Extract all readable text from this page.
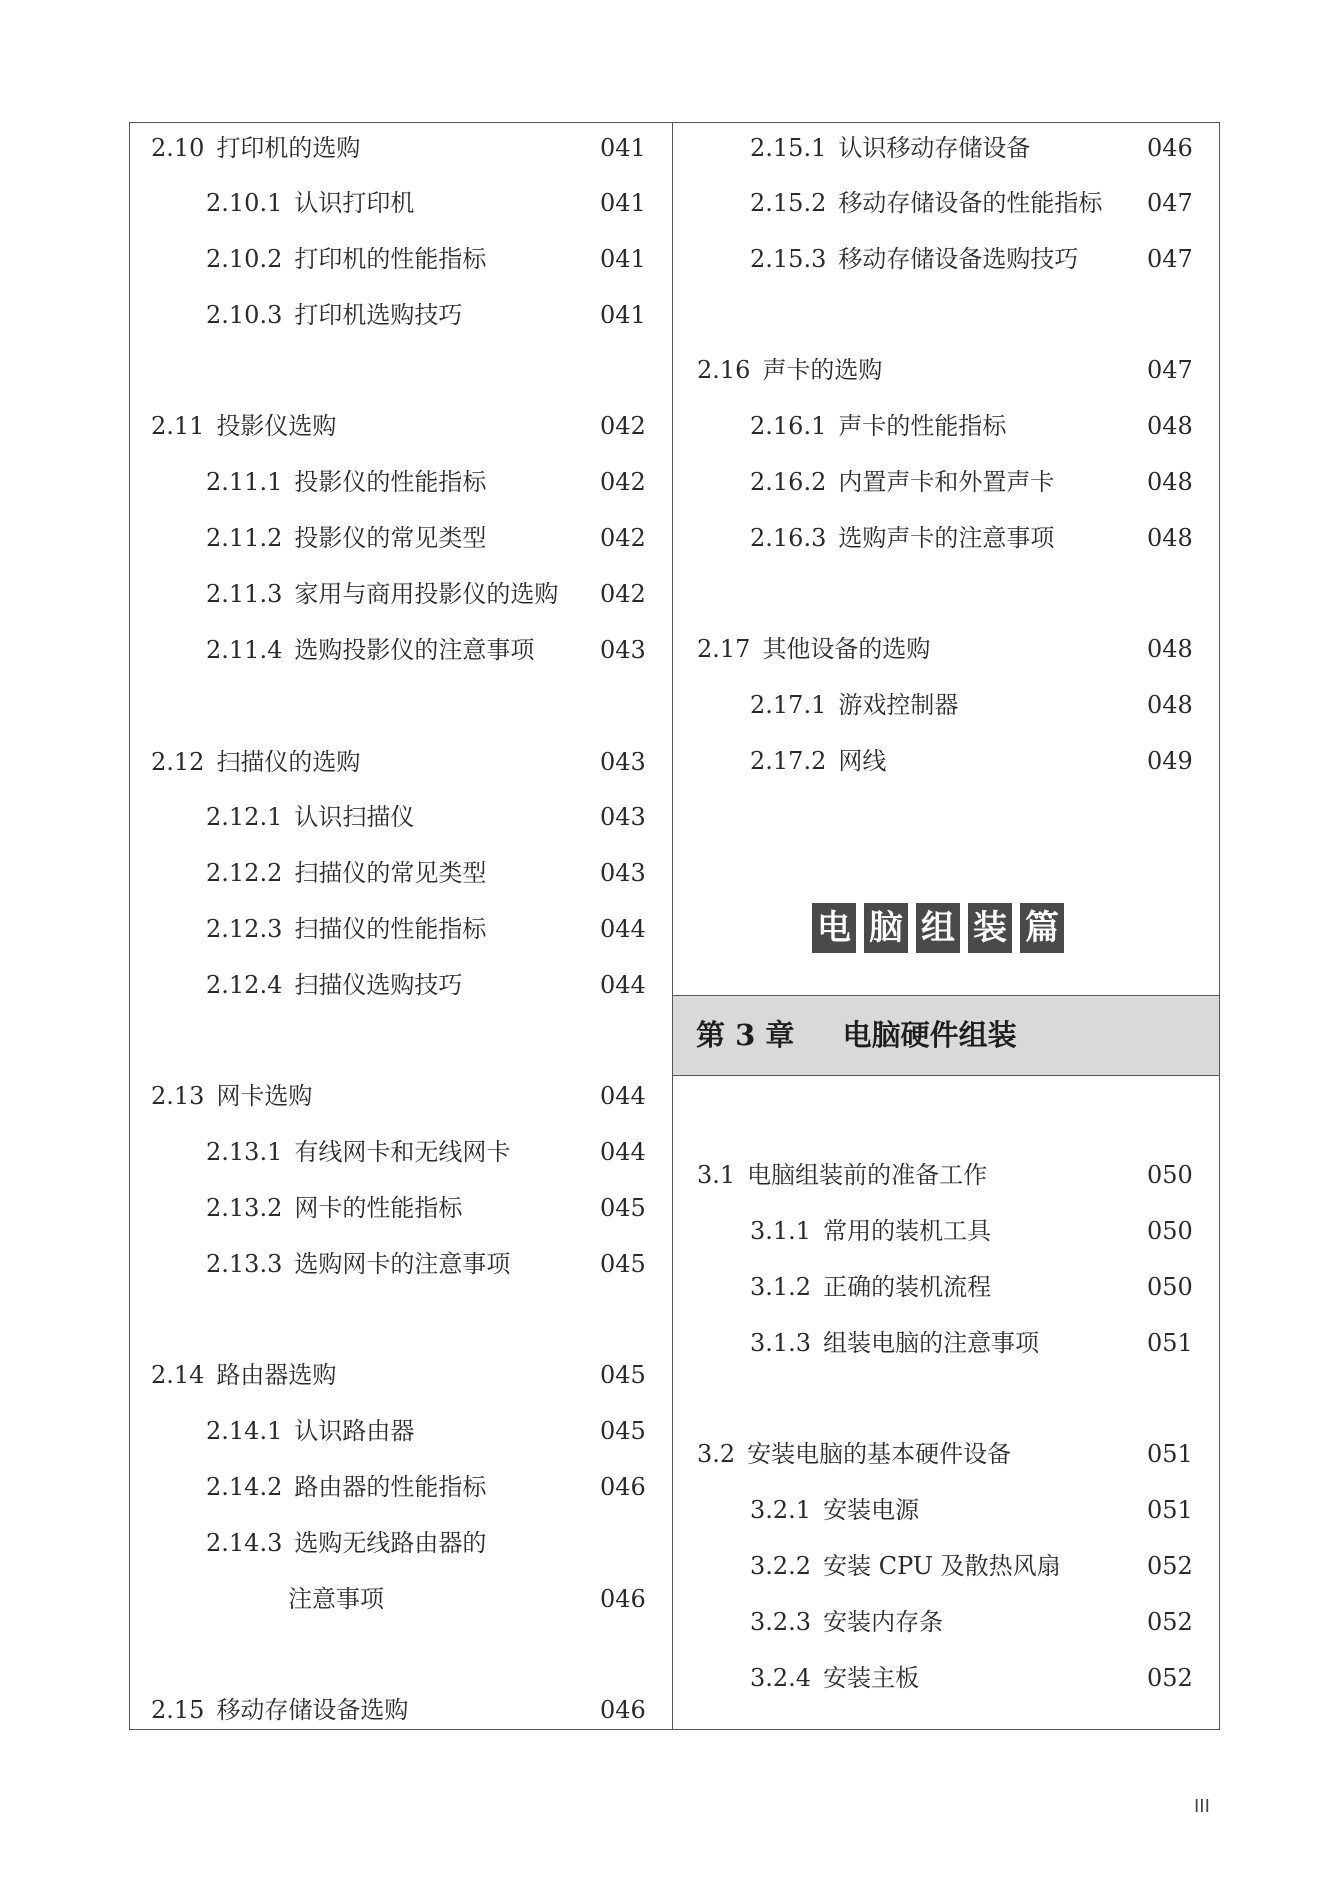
2.10 打印机的选购	041
2.10.1 认识打印机	041
2.10.2 打印机的性能指标	041
2.10.3 打印机选购技巧	041
2.11 投影仪选购	042
2.11.1 投影仪的性能指标	042
2.11.2 投影仪的常见类型	042
2.11.3 家用与商用投影仪的选购 042
2.11.4 选购投影仪的注意事项	043
2.12 扫描仪的选购	043
2.12.1 认识扫描仪	043
2.12.2 扫描仪的常见类型	043
2.12.3 扫描仪的性能指标	044
2.12.4 扫描仪选购技巧	044
2.13 网卡选购	044
2.13.1 有线网卡和无线网卡	044
2.13.2 网卡的性能指标	045
2.13.3 选购网卡的注意事项	045
2.14 路由器选购	045
2.14.1 认识路由器	045
2.14.2 路由器的性能指标	046
2.14.3 选购无线路由器的
注意事项	046
2.15 移动存储设备选购	046
2.15.1 认识移动存储设备	046
2.15.2 移动存储设备的性能指标 047
2.15.3 移动存储设备选购技巧	047
2.16 声卡的选购	047
2.16.1 声卡的性能指标	048
2.16.2 内置声卡和外置声卡	048
2.16.3 选购声卡的注意事项	048
2.17 其他设备的选购	048
2.17.1 游戏控制器	048
2.17.2 网线	049
3.1 电脑组装前的准备工作	050
3.1.1 常用的装机工具	050
3.1.2 正确的装机流程	050
3.1.3 组装电脑的注意事项	051
3.2 安装电脑的基本硬件设备	051
3.2.1 安装电源	051
3.2.2 安装 CPU 及散热风扇	052
3.2.3 安装内存条	052
3.2.4 安装主板	052
电 脑 组 装 篇
第 3 章 电脑硬件组装
III
